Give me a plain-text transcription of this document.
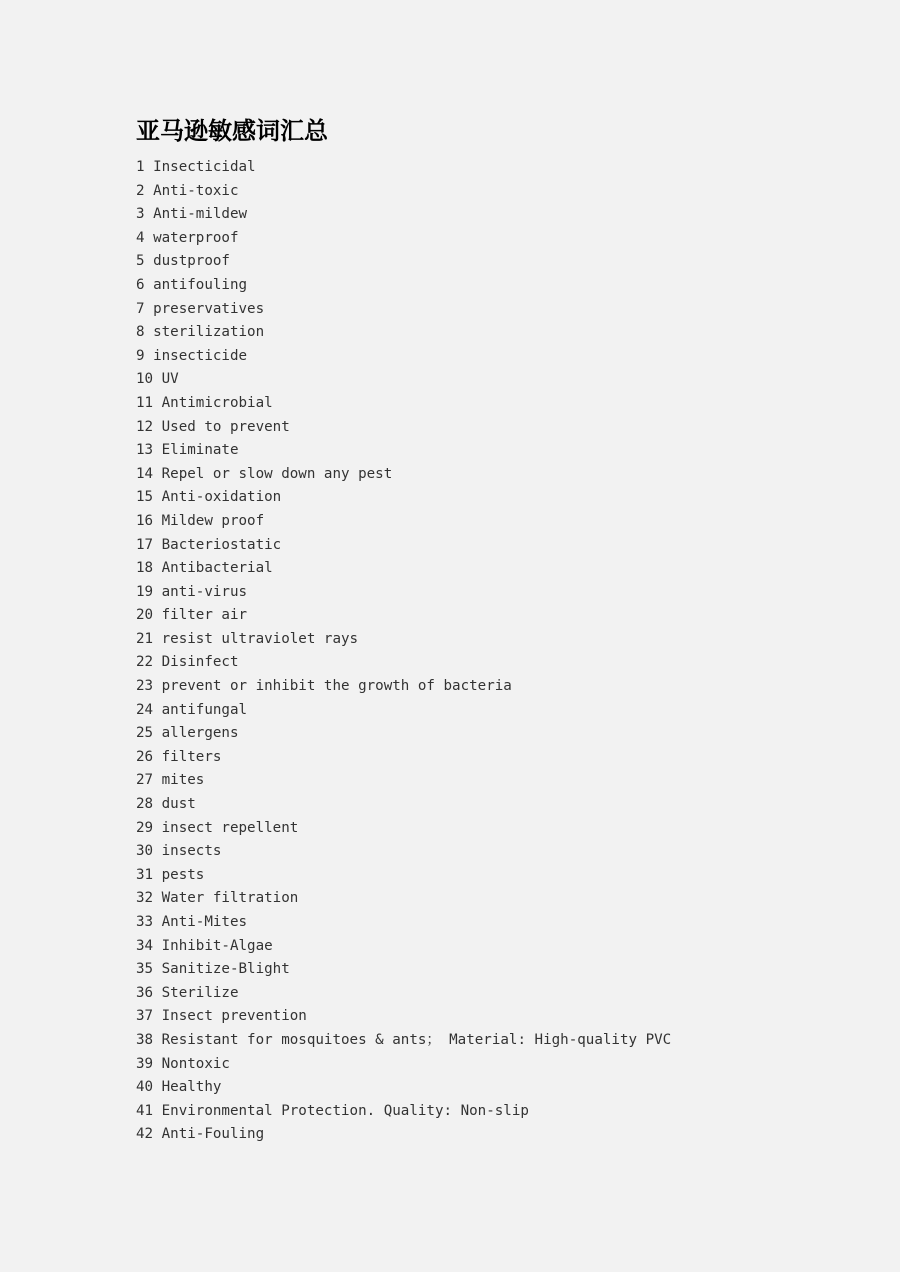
亚马逊敏感词汇总
1 Insecticidal
2 Anti-toxic
3 Anti-mildew
4 waterproof
5 dustproof
6 antifouling
7 preservatives
8 sterilization
9 insecticide
10 UV
11 Antimicrobial
12 Used to prevent
13 Eliminate
14 Repel or slow down any pest
15 Anti-oxidation
16 Mildew proof
17 Bacteriostatic
18 Antibacterial
19 anti-virus
20 filter air
21 resist ultraviolet rays
22 Disinfect
23 prevent or inhibit the growth of bacteria
24 antifungal
25 allergens
26 filters
27 mites
28 dust
29 insect repellent
30 insects
31 pests
32 Water filtration
33 Anti-Mites
34 Inhibit-Algae
35 Sanitize-Blight
36 Sterilize
37 Insect prevention
38 Resistant for mosquitoes & ants； Material: High-quality PVC
39 Nontoxic
40 Healthy
41 Environmental Protection. Quality: Non-slip
42 Anti-Fouling
